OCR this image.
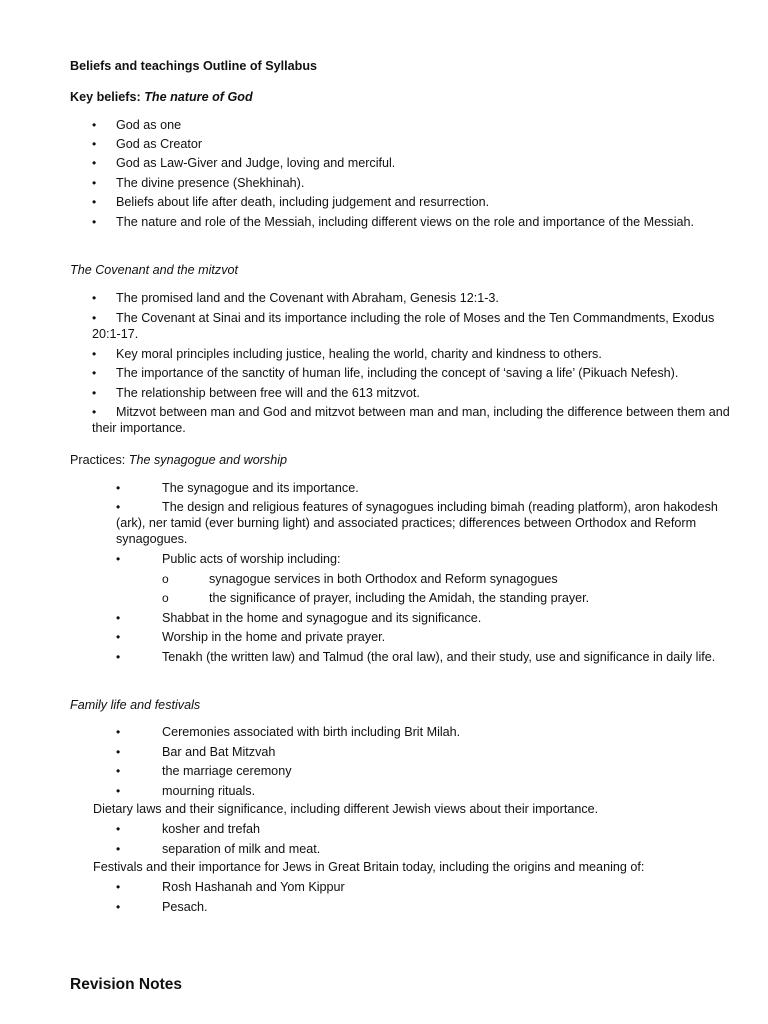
Beliefs and teachings Outline of Syllabus
Key beliefs: The nature of God
• God as one
• God as Creator
• God as Law-Giver and Judge, loving and merciful.
• The divine presence (Shekhinah).
• Beliefs about life after death, including judgement and resurrection.
•	The nature and role of the Messiah, including different views on the role and importance of the Messiah.
The Covenant and the mitzvot
• The promised land and the Covenant with Abraham, Genesis 12:1-3.
•	The Covenant at Sinai and its importance including the role of Moses and the Ten Commandments, Exodus 20:1-17.
• Key moral principles including justice, healing the world, charity and kindness to others.
• The importance of the sanctity of human life, including the concept of ‘saving a life’ (Pikuach Nefesh).
• The relationship between free will and the 613 mitzvot.
•	Mitzvot between man and God and mitzvot between man and man, including the difference between them and their importance.
Practices: The synagogue and worship
•	The synagogue and its importance.
•	The design and religious features of synagogues including bimah (reading platform), aron hakodesh (ark), ner tamid (ever burning light) and associated practices; differences between Orthodox and Reform synagogues.
•	Public acts of worship including:
o	synagogue services in both Orthodox and Reform synagogues
o	the significance of prayer, including the Amidah, the standing prayer.
•	Shabbat in the home and synagogue and its significance.
•	Worship in the home and private prayer.
•	Tenakh (the written law) and Talmud (the oral law), and their study, use and significance in daily life.
Family life and festivals
•	Ceremonies associated with birth including Brit Milah.
•	Bar and Bat Mitzvah
•	the marriage ceremony
•	mourning rituals.
Dietary laws and their significance, including different Jewish views about their importance.
•	kosher and trefah
•	separation of milk and meat.
Festivals and their importance for Jews in Great Britain today, including the origins and meaning of:
•	Rosh Hashanah and Yom Kippur
•	Pesach.
Revision Notes
